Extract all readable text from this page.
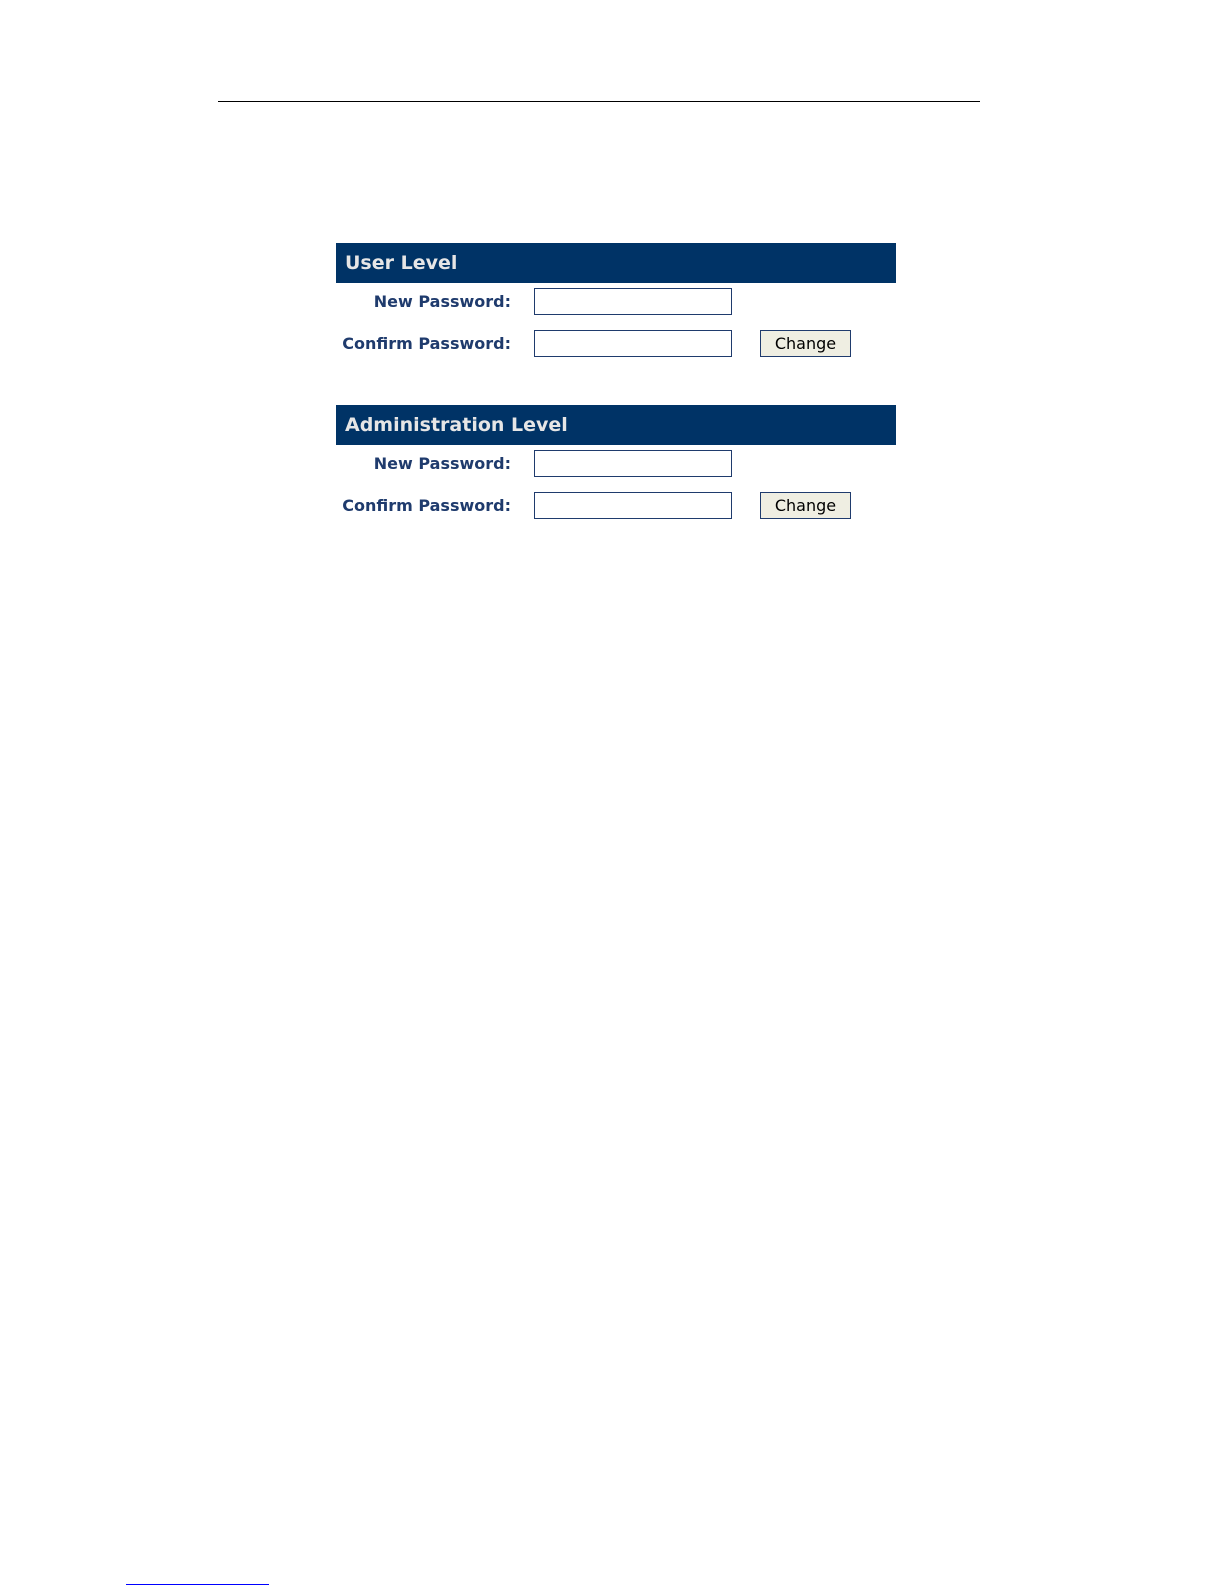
User Level
New Password:
Confirm Password:	Change
Administration Level
New Password:
Confirm Password:	Change
